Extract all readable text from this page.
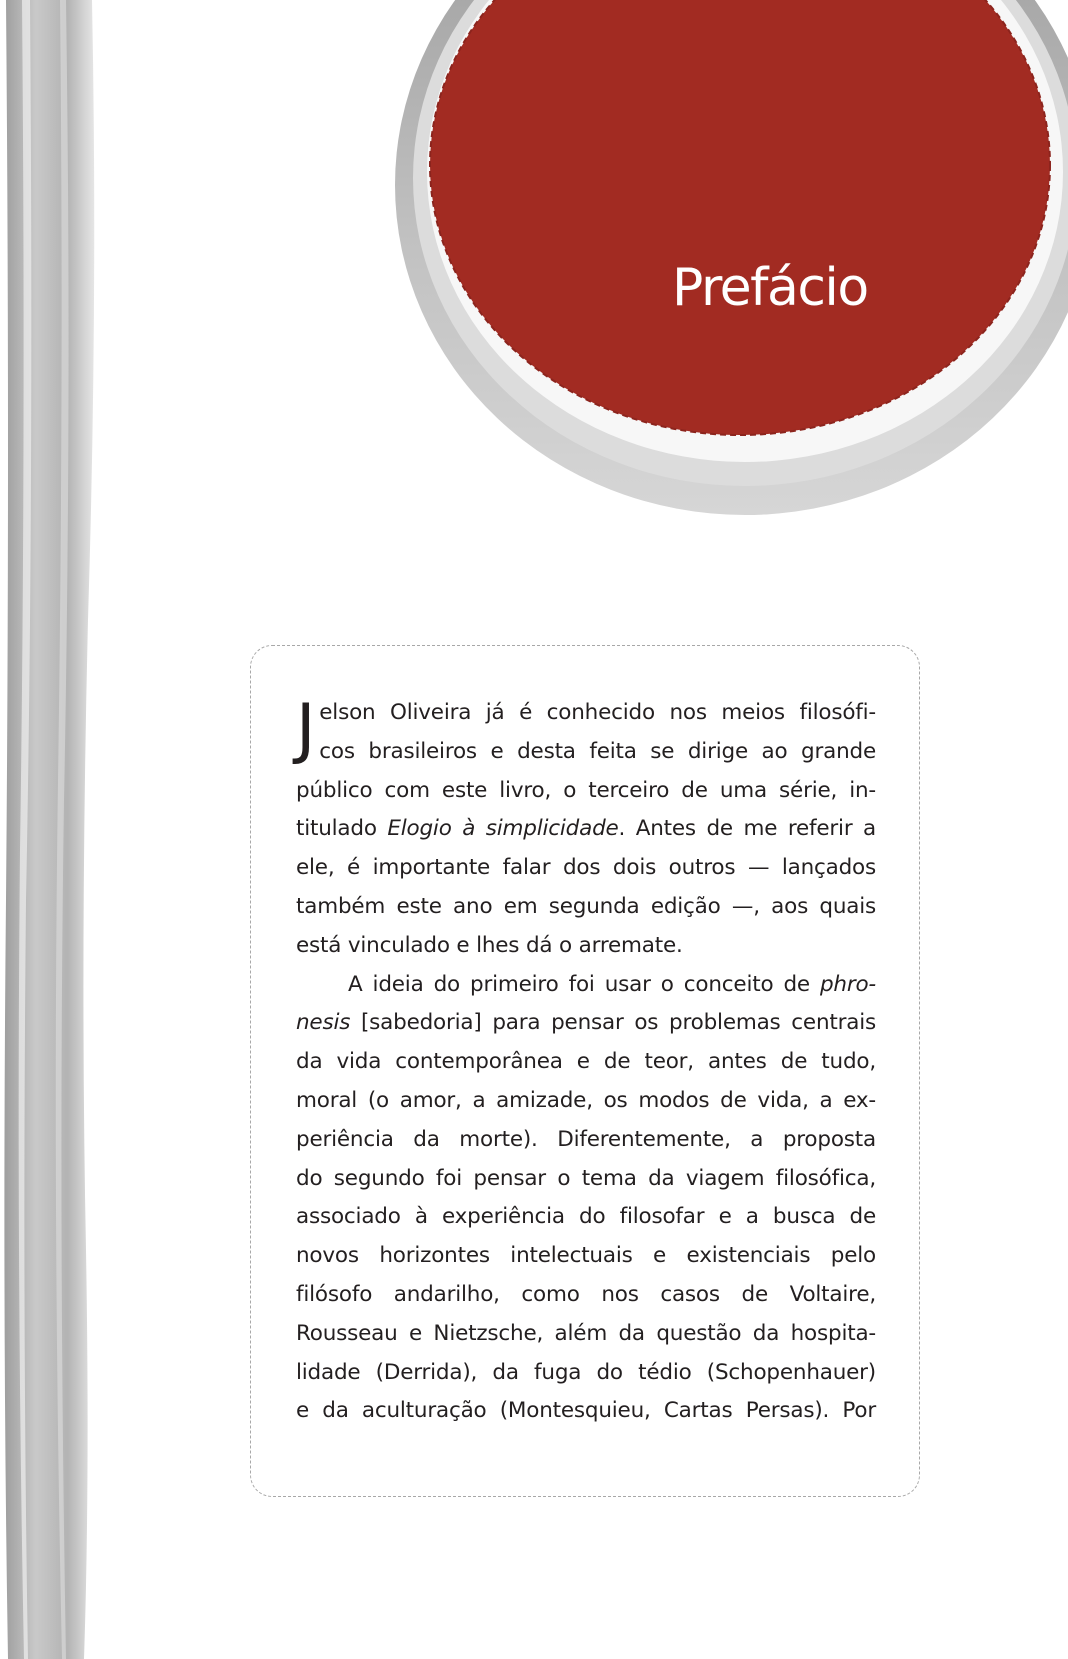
Prefácio

J elson Oliveira já é conhecido nos meios filosófi-
cos brasileiros e desta feita se dirige ao grande
público com este livro, o terceiro de uma série, in-
titulado Elogio à simplicidade. Antes de me referir a
ele, é importante falar dos dois outros — lançados
também este ano em segunda edição —, aos quais
está vinculado e lhes dá o arremate.

A ideia do primeiro foi usar o conceito de phro-
nesis [sabedoria] para pensar os problemas centrais
da vida contemporânea e de teor, antes de tudo,
moral (o amor, a amizade, os modos de vida, a ex-
periência da morte). Diferentemente, a proposta
do segundo foi pensar o tema da viagem filosófica,
associado à experiência do filosofar e a busca de
novos horizontes intelectuais e existenciais pelo
filósofo andarilho, como nos casos de Voltaire,
Rousseau e Nietzsche, além da questão da hospita-
lidade (Derrida), da fuga do tédio (Schopenhauer)
e da aculturação (Montesquieu, Cartas Persas). Por
